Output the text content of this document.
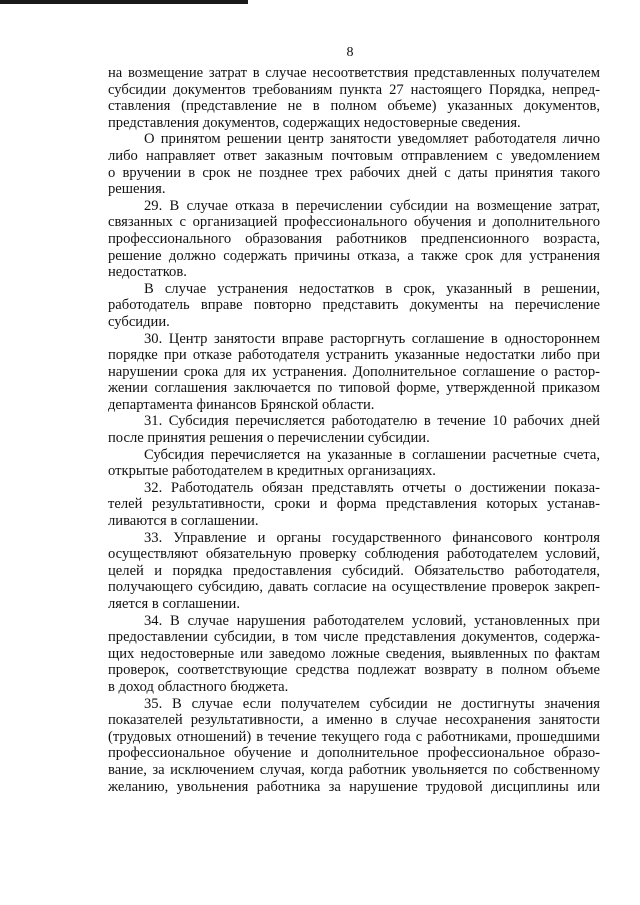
8
на возмещение затрат в случае несоответствия представленных получателем
субсидии документов требованиям пункта 27 настоящего Порядка, непред-
ставления (представление не в полном объеме) указанных документов,
представления документов, содержащих недостоверные сведения.
О принятом решении центр занятости уведомляет работодателя лично
либо направляет ответ заказным почтовым отправлением с уведомлением
о вручении в срок не позднее трех рабочих дней с даты принятия такого
решения.
29. В случае отказа в перечислении субсидии на возмещение затрат,
связанных с организацией профессионального обучения и дополнительного
профессионального образования работников предпенсионного возраста,
решение должно содержать причины отказа, а также срок для устранения
недостатков.
В случае устранения недостатков в срок, указанный в решении,
работодатель вправе повторно представить документы на перечисление
субсидии.
30. Центр занятости вправе расторгнуть соглашение в одностороннем
порядке при отказе работодателя устранить указанные недостатки либо при
нарушении срока для их устранения. Дополнительное соглашение о растор-
жении соглашения заключается по типовой форме, утвержденной приказом
департамента финансов Брянской области.
31. Субсидия перечисляется работодателю в течение 10 рабочих дней
после принятия решения о перечислении субсидии.
Субсидия перечисляется на указанные в соглашении расчетные счета,
открытые работодателем в кредитных организациях.
32. Работодатель обязан представлять отчеты о достижении показа-
телей результативности, сроки и форма представления которых устанав-
ливаются в соглашении.
33. Управление и органы государственного финансового контроля
осуществляют обязательную проверку соблюдения работодателем условий,
целей и порядка предоставления субсидий. Обязательство работодателя,
получающего субсидию, давать согласие на осуществление проверок закреп-
ляется в соглашении.
34. В случае нарушения работодателем условий, установленных при
предоставлении субсидии, в том числе представления документов, содержа-
щих недостоверные или заведомо ложные сведения, выявленных по фактам
проверок, соответствующие средства подлежат возврату в полном объеме
в доход областного бюджета.
35. В случае если получателем субсидии не достигнуты значения
показателей результативности, а именно в случае несохранения занятости
(трудовых отношений) в течение текущего года с работниками, прошедшими
профессиональное обучение и дополнительное профессиональное образо-
вание, за исключением случая, когда работник увольняется по собственному
желанию, увольнения работника за нарушение трудовой дисциплины или
